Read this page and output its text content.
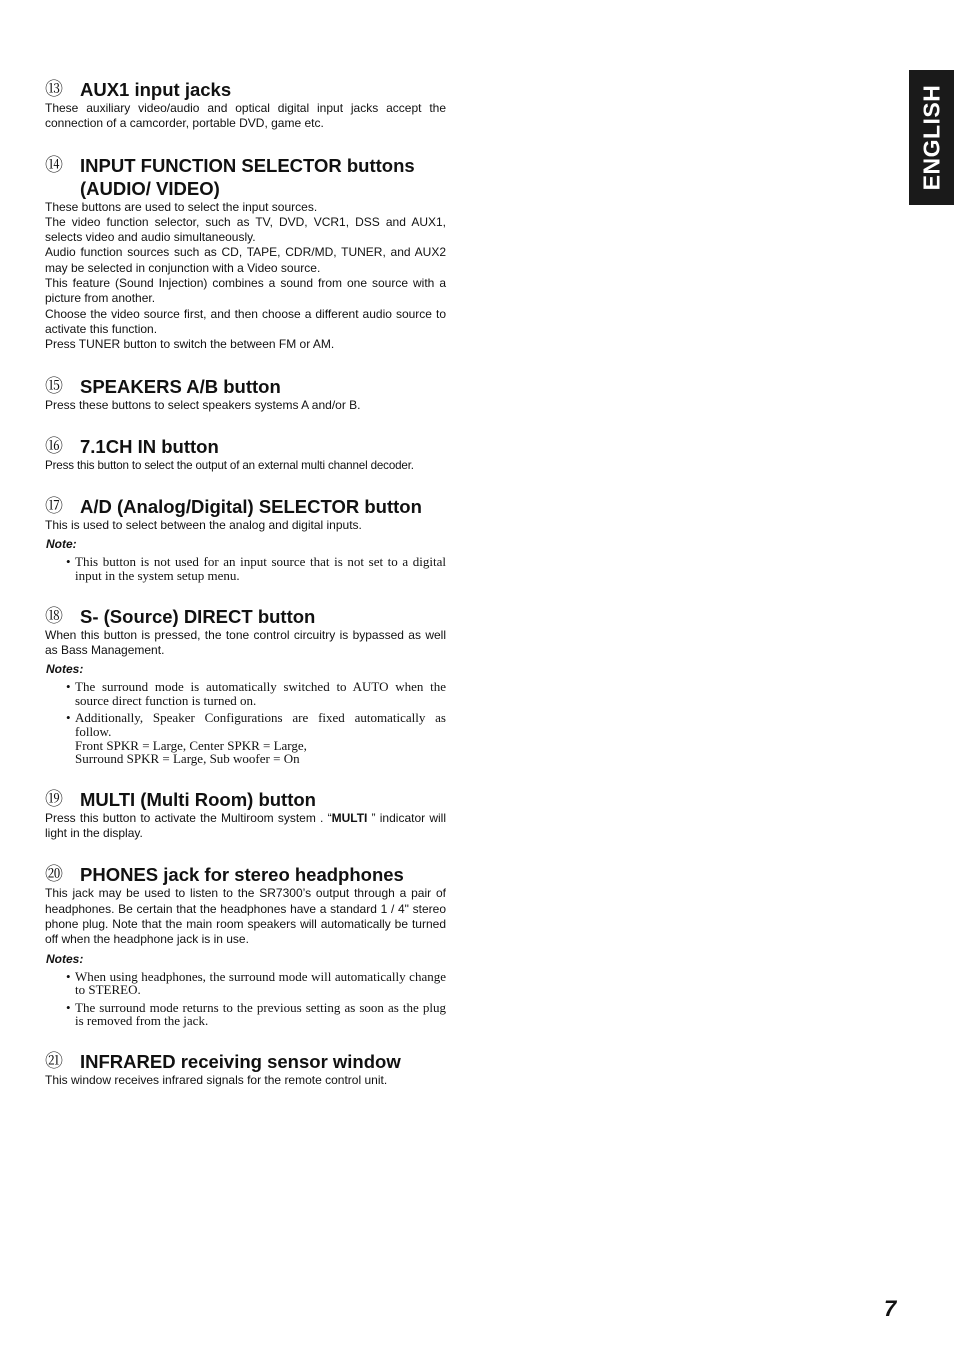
ENGLISH
⑬ AUX1 input jacks

These auxiliary video/audio and optical digital input jacks accept the connection of a camcorder, portable DVD, game etc.

⑭ INPUT FUNCTION SELECTOR buttons (AUDIO/ VIDEO)

These buttons are used to select the input sources.

The video function selector, such as TV, DVD, VCR1, DSS and AUX1, selects video and audio simultaneously.

Audio function sources such as CD, TAPE, CDR/MD, TUNER, and AUX2 may be selected in conjunction with a Video source.

This feature (Sound Injection) combines a sound from one source with a picture from another.

Choose the video source first, and then choose a different audio source to activate this function.

Press TUNER button to switch the between FM or AM.

⑮ SPEAKERS A/B button

Press these buttons to select speakers systems A and/or B.

⑯ 7.1CH IN button

Press this button to select the output of an external multi channel decoder.

⑰ A/D (Analog/Digital) SELECTOR button

This is used to select between the analog and digital inputs.

Note:
• This button is not used for an input source that is not set to a digital input in the system setup menu.
⑱ S- (Source) DIRECT button

When this button is pressed, the tone control circuitry is bypassed as well as Bass Management.

Notes:
• The surround mode is automatically switched to AUTO when the source direct function is turned on.
• Additionally, Speaker Configurations are fixed automatically as follow.
Front SPKR = Large, Center SPKR = Large,
Surround SPKR = Large, Sub woofer = On
⑲ MULTI (Multi Room) button

Press this button to activate the Multiroom system . “MULTI ” indicator will light in the display.

⑳ PHONES jack for stereo headphones

This jack may be used to listen to the SR7300’s output through a pair of headphones. Be certain that the headphones have a standard 1 / 4" stereo phone plug. Note that the main room speakers will automatically be turned off when the headphone jack is in use.

Notes:
• When using headphones, the surround mode will automatically change to STEREO.
• The surround mode returns to the previous setting as soon as the plug is removed from the jack.
㉑ INFRARED receiving sensor window

This window receives infrared signals for the remote control unit.

7
